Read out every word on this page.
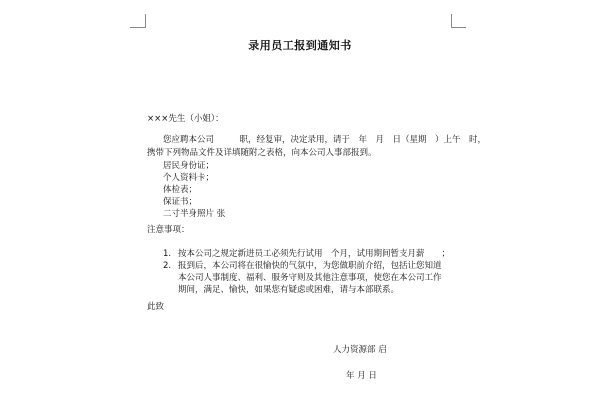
录用员工报到通知书
×××先生（小姐）：
您应聘本公司　　　职，经复审，决定录用，请于　年　月　日（星期　）上午　时，
携带下列物品文件及详填随附之表格，向本公司人事部报到。
居民身份证；
个人资料卡；
体检表；
保证书；
二寸半身照片 张
注意事项：
1. 按本公司之规定新进员工必须先行试用　个月，试用期间暂支月薪　　；
2. 报到后，本公司将在很愉快的气氛中，为您做职前介绍，包括让您知道
本公司人事制度、福利、服务守则及其他注意事项，使您在本公司工作
期间，满足、愉快，如果您有疑虑或困难，请与本部联系。
此致
人力资源部 启
年 月 日
